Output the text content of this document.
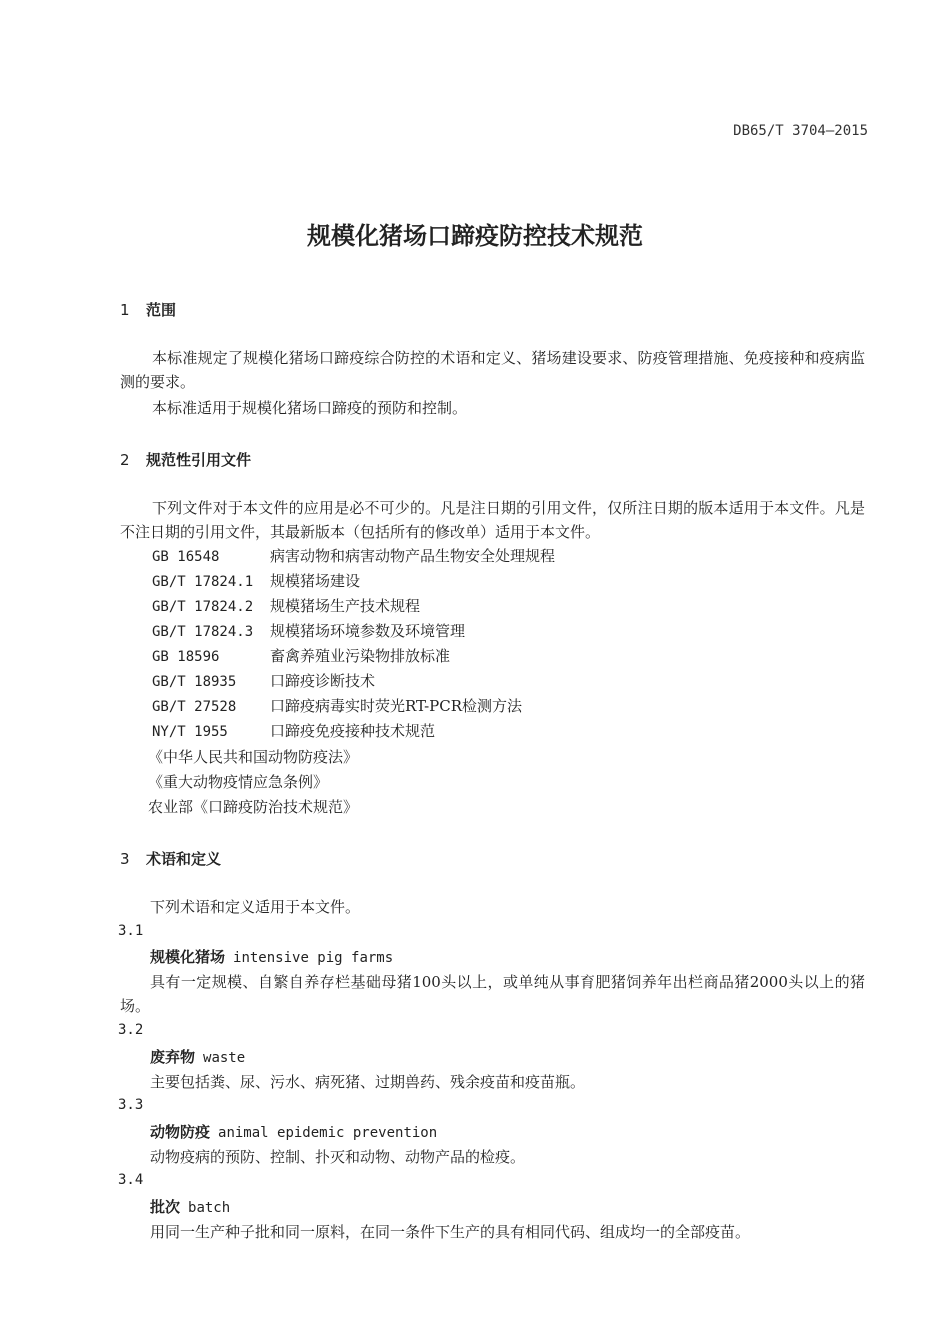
DB65/T 3704—2015
规模化猪场口蹄疫防控技术规范
1 范围
本标准规定了规模化猪场口蹄疫综合防控的术语和定义、猪场建设要求、防疫管理措施、免疫接种和疫病监测的要求。
本标准适用于规模化猪场口蹄疫的预防和控制。
2 规范性引用文件
下列文件对于本文件的应用是必不可少的。凡是注日期的引用文件，仅所注日期的版本适用于本文件。凡是不注日期的引用文件，其最新版本（包括所有的修改单）适用于本文件。
GB 16548	病害动物和病害动物产品生物安全处理规程
GB/T 17824.1 规模猪场建设
GB/T 17824.2 规模猪场生产技术规程
GB/T 17824.3 规模猪场环境参数及环境管理
GB 18596	畜禽养殖业污染物排放标准
GB/T 18935 口蹄疫诊断技术
GB/T 27528 口蹄疫病毒实时荧光RT-PCR检测方法
NY/T 1955	口蹄疫免疫接种技术规范
《中华人民共和国动物防疫法》
《重大动物疫情应急条例》
农业部《口蹄疫防治技术规范》
3 术语和定义
下列术语和定义适用于本文件。
3.1
规模化猪场 intensive pig farms
具有一定规模、自繁自养存栏基础母猪100头以上，或单纯从事育肥猪饲养年出栏商品猪2000头以上的猪场。
3.2
废弃物 waste
主要包括粪、尿、污水、病死猪、过期兽药、残余疫苗和疫苗瓶。
3.3
动物防疫 animal epidemic prevention
动物疫病的预防、控制、扑灭和动物、动物产品的检疫。
3.4
批次 batch
用同一生产种子批和同一原料，在同一条件下生产的具有相同代码、组成均一的全部疫苗。
